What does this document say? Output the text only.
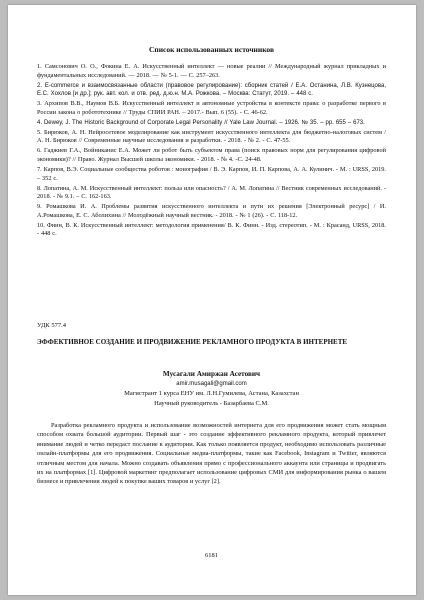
Список использованных источников
1. Самсонович О. О., Фокина Е. А. Искусственный интеллект — новые реалии // Международный журнал прикладных и фундаментальных исследований. — 2018. — № 5-1. — С. 257–263.
2. E-commerce и взаимосвязанные области (правовое регулирование): сборник статей / Е.А. Останина, Л.В. Кузнецова, Е.С. Хохлов [и др.]; рук. авт. кол. и отв. ред. д.ю.н. М.А. Рожкова. – Москва: Статут, 2019. – 448 с.
3. Архипов В.В., Наумов В.Б. Искусственный интеллект и автономные устройства в контексте права: о разработке первого в России закона о робототехнике // Труды СПИИ РАН. – 2017.- Вып. 6 (55). - С. 46-62.
4. Dewey, J. The Historic Background of Corporate Legal Personality // Yale Law Journal. – 1926. № 35. – pp. 655 – 673.
5. Бирюков, А. Н. Нейросетевое моделирование как инструмент искусственного интеллекта для бюджетно-налоговых систем / А. Н. Бирюков // Современные научные исследования и разработки. - 2018. - № 2. - С. 47-55.
6. Гаджиев Г.А., Войниканис Е.А. Может ли робот быть субъектом права (поиск правовых норм для регулирования цифровой экономики)? // Право. Журнал Высшей школы экономики. - 2018. - № 4. -С. 24-48.
7. Карпов, В.Э. Социальные сообщества роботов : монография / В. Э. Карпов, И. П. Карпова, А. А. Кулинич. - М. : URSS, 2019. – 352 с.
8. Лопатина, А. М. Искусственный интеллект: польза или опасность? / А. М. Лопатина // Вестник современных исследований. - 2018. - № 9.1. – С. 162-163.
9. Ромашкова И. А. Проблемы развития искусственного интеллекта и пути их решения [Электронный ресурс] / И. А.Ромашкова, Е. С. Аболихина // Молодёжный научный вестник. - 2018. - № 1 (26). - С. 118-12.
10. Финн, В. К. Искусственный интеллект: методология применения/ В. К. Финн. - Изд. стереотип. - М. : Красанд, URSS, 2018. - 448 с.
УДК 577.4
ЭФФЕКТИВНОЕ СОЗДАНИЕ И ПРОДВИЖЕНИЕ РЕКЛАМНОГО ПРОДУКТА В ИНТЕРНЕТЕ
Мусагали Амиржан Асетович
amir.musagali@gmail.com
Магистрант 1 курса ЕНУ им. Л.Н.Гумилева, Астана, Казахстан
Научный руководитель - Базарбаева С.М.

Разработка рекламного продукта и использование возможностей интернета для его продвижения может стать мощным способом охвата большой аудитории. Первый шаг - это создание эффективного рекламного продукта, который привлечет внимание людей и четко передаст послание к аудитории. Как только появляется продукт, необходимо использовать различные онлайн-платформы для его продвижения. Социальные медиа-платформы, такие как Facebook, Instagram и Twitter, являются отличным местом для начала. Можно создавать объявления прямо с профессионального аккаунта или страницы и продвигать их на платформах [1]. Цифровой маркетинг предполагает использование цифровых СМИ для информирования рынка о вашем бизнесе и привлечения людей к покупке ваших товаров и услуг [2].

6181
